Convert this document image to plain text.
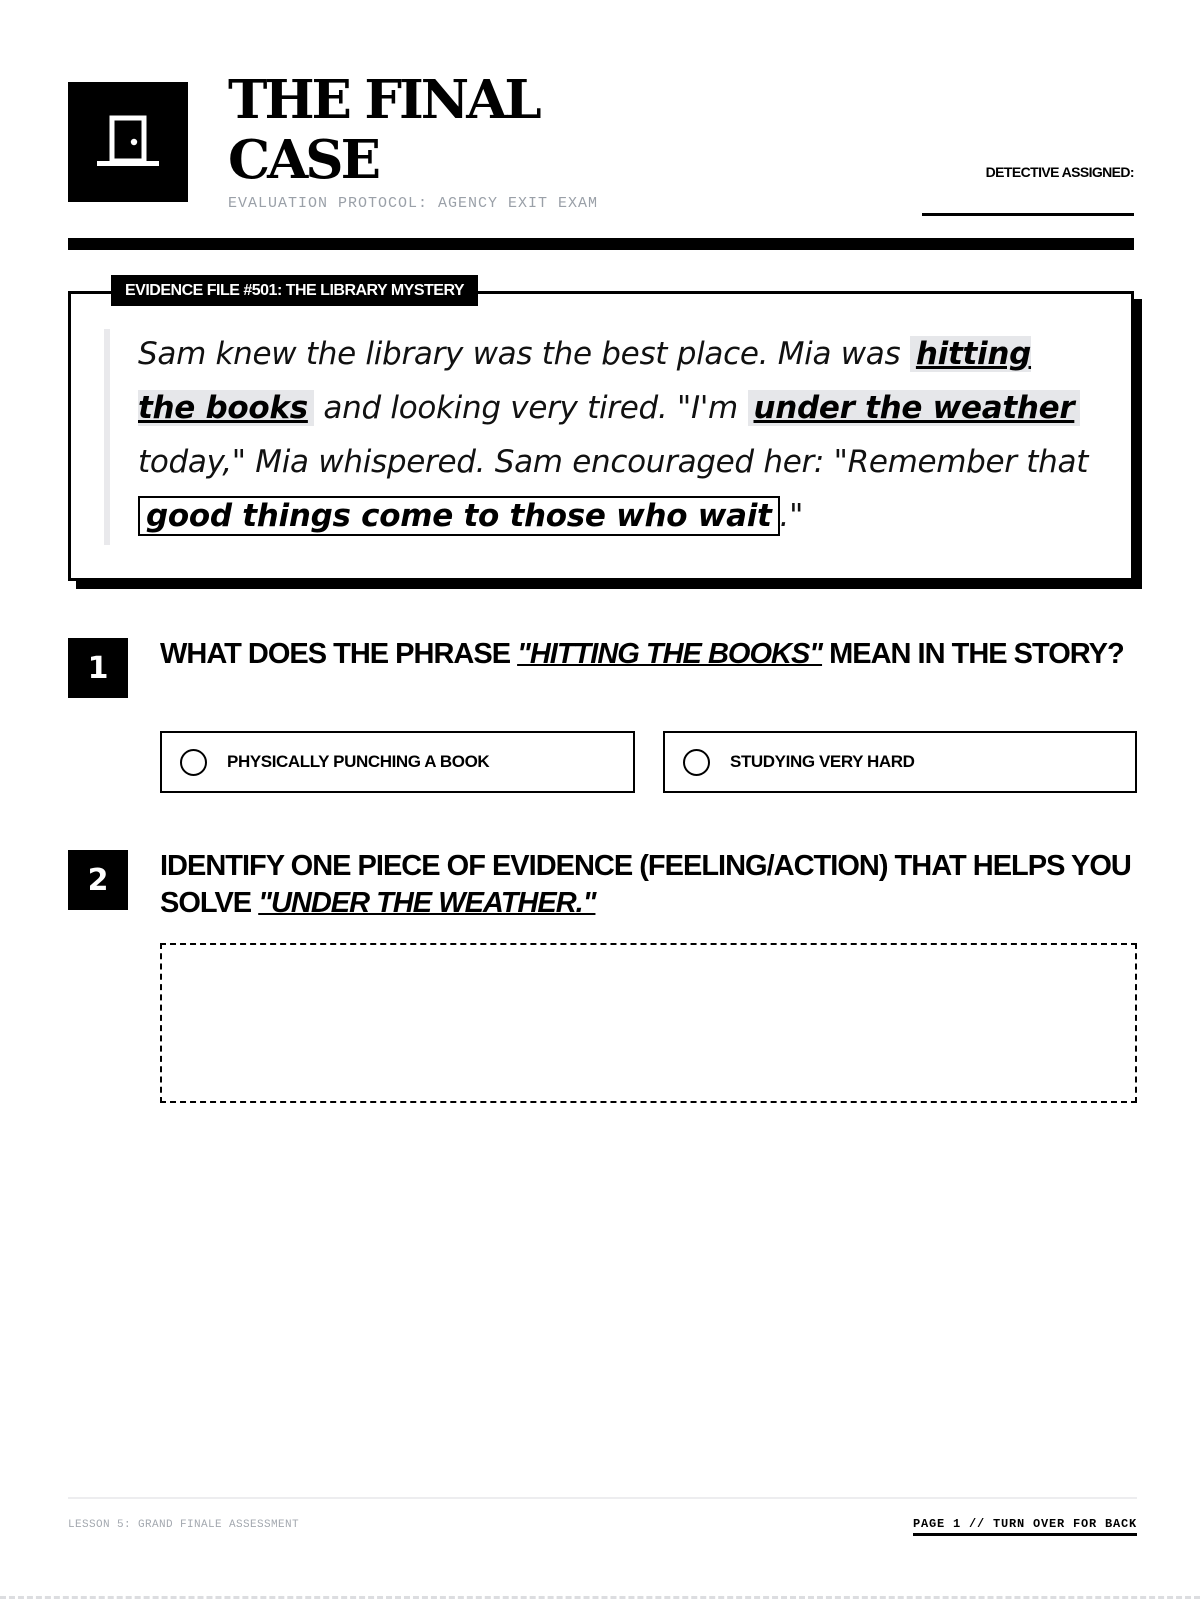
THE FINAL
CASE
EVALUATION PROTOCOL: AGENCY EXIT EXAM
DETECTIVE ASSIGNED:
EVIDENCE FILE #501: THE LIBRARY MYSTERY

Sam knew the library was the best place. Mia was hitting the books and looking very tired. "I'm under the weather today," Mia whispered. Sam encouraged her: "Remember that good things come to those who wait ."

1	WHAT DOES THE PHRASE "HITTING THE BOOKS" MEAN IN THE STORY?
PHYSICALLY PUNCHING A BOOK	STUDYING VERY HARD
2	IDENTIFY ONE PIECE OF EVIDENCE (FEELING/ACTION) THAT HELPS YOU SOLVE "UNDER THE WEATHER."
LESSON 5: GRAND FINALE ASSESSMENT	PAGE 1 // TURN OVER FOR BACK
